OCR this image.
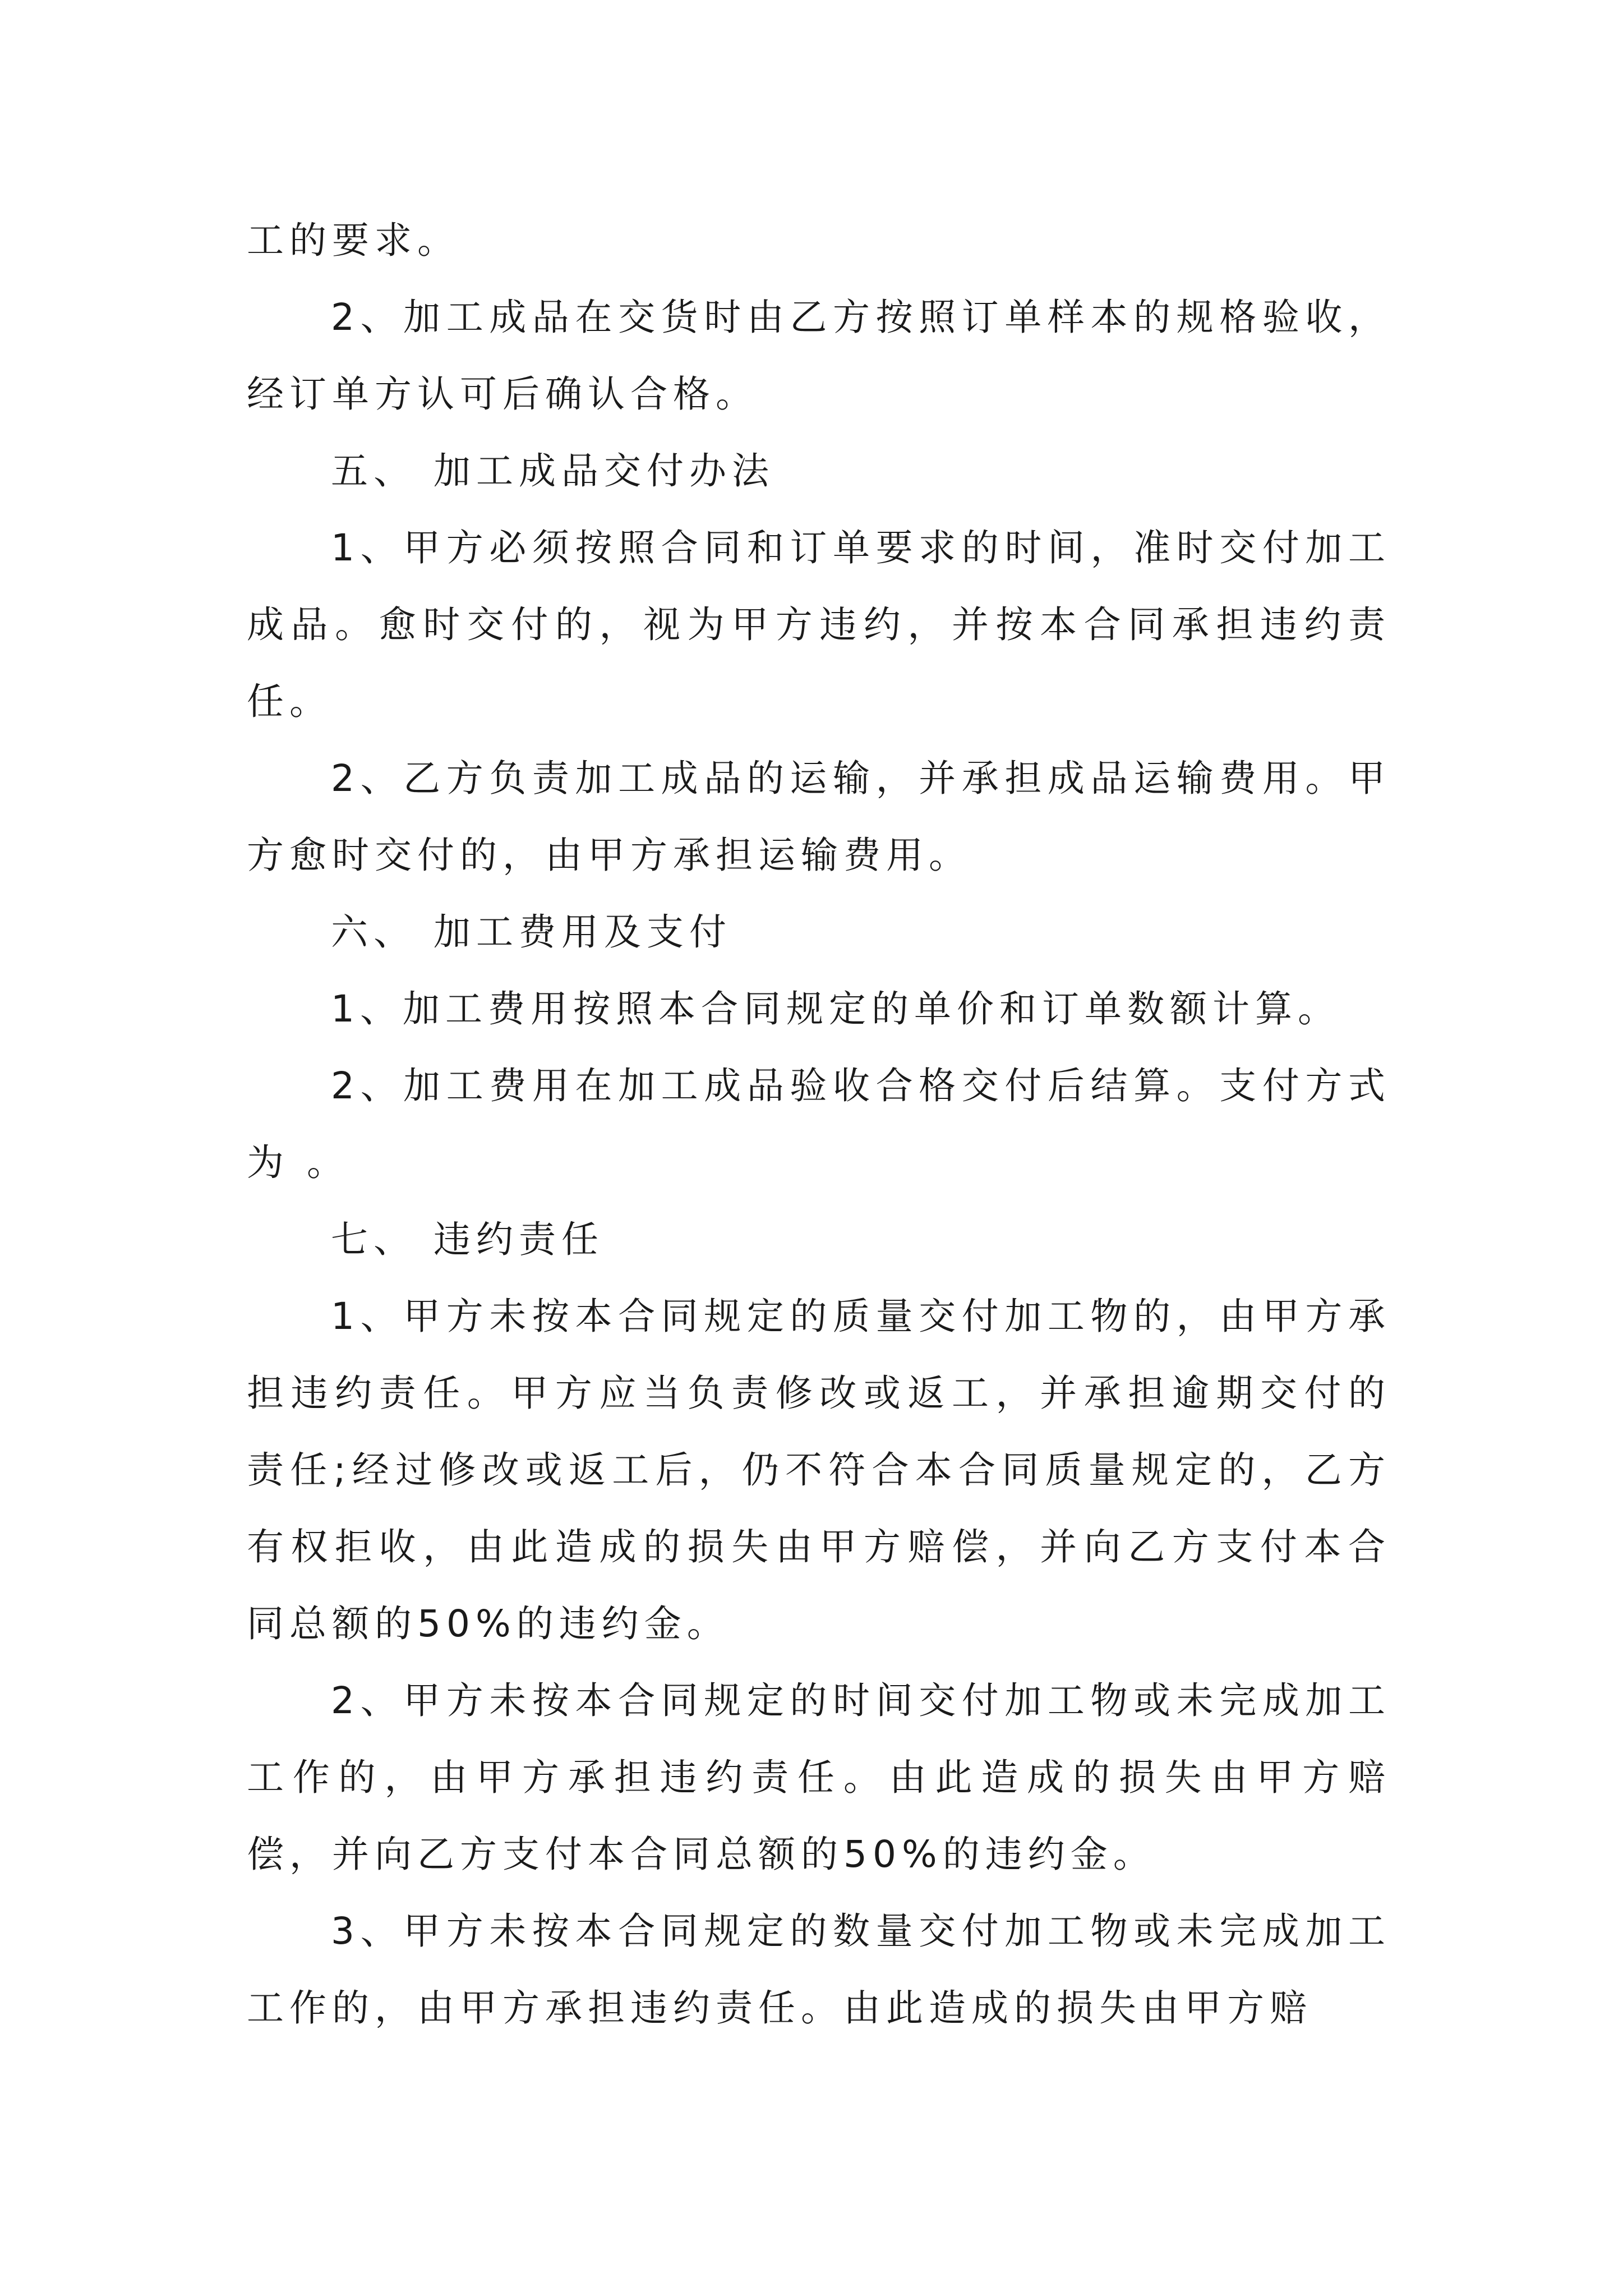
工的要求。

2、加工成品在交货时由乙方按照订单样本的规格验收，经订单方认可后确认合格。

五、 加工成品交付办法

1、甲方必须按照合同和订单要求的时间，准时交付加工成品。愈时交付的，视为甲方违约，并按本合同承担违约责任。

2、乙方负责加工成品的运输，并承担成品运输费用。甲方愈时交付的，由甲方承担运输费用。

六、 加工费用及支付

1、加工费用按照本合同规定的单价和订单数额计算。

2、加工费用在加工成品验收合格交付后结算。支付方式为 。

七、 违约责任

1、甲方未按本合同规定的质量交付加工物的，由甲方承担违约责任。甲方应当负责修改或返工，并承担逾期交付的责任;经过修改或返工后，仍不符合本合同质量规定的，乙方有权拒收，由此造成的损失由甲方赔偿，并向乙方支付本合同总额的50%的违约金。

2、甲方未按本合同规定的时间交付加工物或未完成加工工作的，由甲方承担违约责任。由此造成的损失由甲方赔偿，并向乙方支付本合同总额的50%的违约金。

3、甲方未按本合同规定的数量交付加工物或未完成加工工作的，由甲方承担违约责任。由此造成的损失由甲方赔
